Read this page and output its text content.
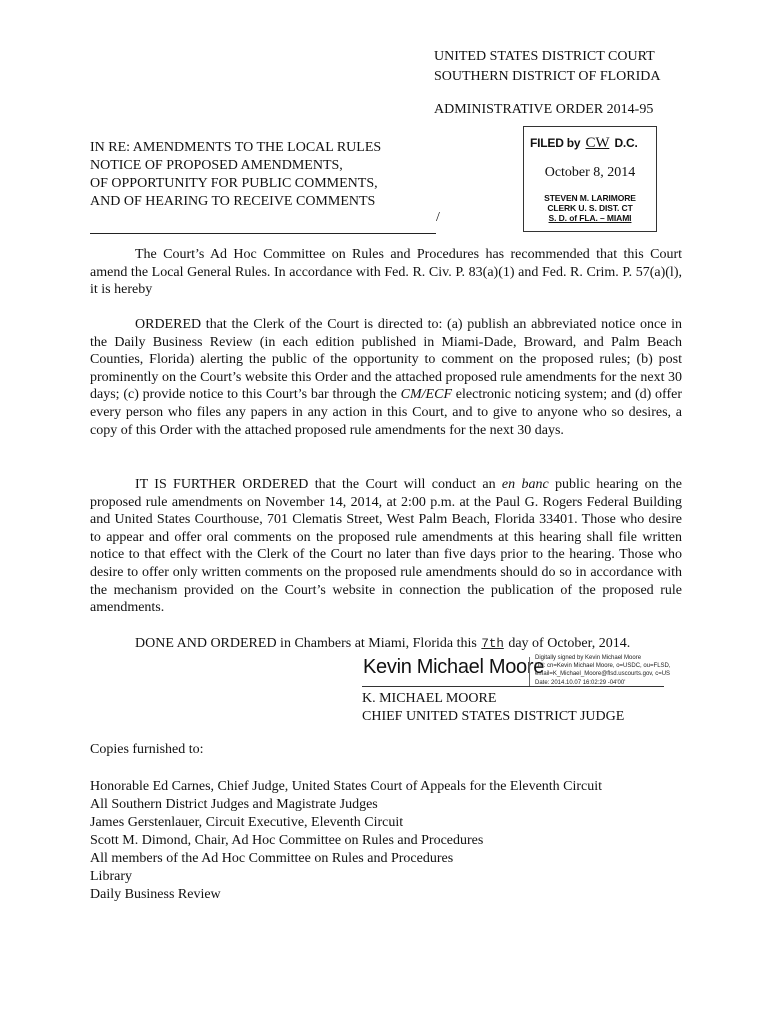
UNITED STATES DISTRICT COURT
SOUTHERN DISTRICT OF FLORIDA
ADMINISTRATIVE ORDER 2014-95
IN RE: AMENDMENTS TO THE LOCAL RULES
NOTICE OF PROPOSED AMENDMENTS,
OF OPPORTUNITY FOR PUBLIC COMMENTS,
AND OF HEARING TO RECEIVE COMMENTS
/
FILED by CW D.C.
October 8, 2014
STEVEN M. LARIMORE
CLERK U. S. DIST. CT
S. D. of FLA. – MIAMI

The Court’s Ad Hoc Committee on Rules and Procedures has recommended that this Court amend the Local General Rules. In accordance with Fed. R. Civ. P. 83(a)(1) and Fed. R. Crim. P. 57(a)(l), it is hereby

ORDERED that the Clerk of the Court is directed to: (a) publish an abbreviated notice once in the Daily Business Review (in each edition published in Miami-Dade, Broward, and Palm Beach Counties, Florida) alerting the public of the opportunity to comment on the proposed rules; (b) post prominently on the Court’s website this Order and the attached proposed rule amendments for the next 30 days; (c) provide notice to this Court’s bar through the CM/ECF electronic noticing system; and (d) offer every person who files any papers in any action in this Court, and to give to anyone who so desires, a copy of this Order with the attached proposed rule amendments for the next 30 days.

IT IS FURTHER ORDERED that the Court will conduct an en banc public hearing on the proposed rule amendments on November 14, 2014, at 2:00 p.m. at the Paul G. Rogers Federal Building and United States Courthouse, 701 Clematis Street, West Palm Beach, Florida 33401. Those who desire to appear and offer oral comments on the proposed rule amendments at this hearing shall file written notice to that effect with the Clerk of the Court no later than five days prior to the hearing. Those who desire to offer only written comments on the proposed rule amendments should do so in accordance with the mechanism provided on the Court’s website in connection the publication of the proposed rule amendments.

DONE AND ORDERED in Chambers at Miami, Florida this 7th day of October, 2014.
Kevin Michael Moore
Digitally signed by Kevin Michael Moore
DN: cn=Kevin Michael Moore, o=USDC, ou=FLSD,
email=K_Michael_Moore@flsd.uscourts.gov, c=US
Date: 2014.10.07 16:02:29 -04'00'
K. MICHAEL MOORE
CHIEF UNITED STATES DISTRICT JUDGE
Copies furnished to:
Honorable Ed Carnes, Chief Judge, United States Court of Appeals for the Eleventh Circuit
All Southern District Judges and Magistrate Judges
James Gerstenlauer, Circuit Executive, Eleventh Circuit
Scott M. Dimond, Chair, Ad Hoc Committee on Rules and Procedures
All members of the Ad Hoc Committee on Rules and Procedures
Library
Daily Business Review
